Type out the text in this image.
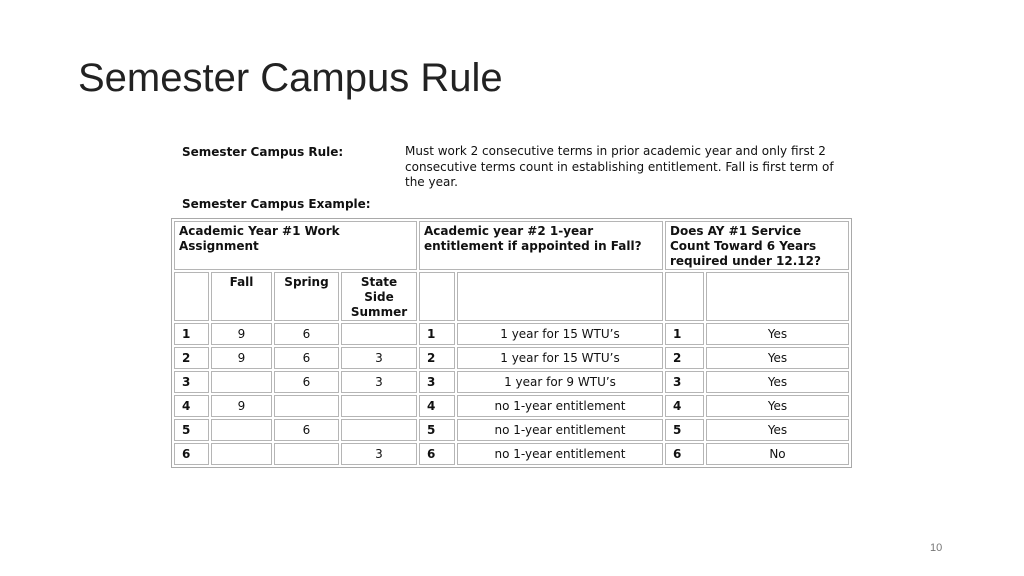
Semester Campus Rule
Semester Campus Rule:	Must work 2 consecutive terms in prior academic year and only first 2 consecutive terms count in establishing entitlement. Fall is first term of the year.
Semester Campus Example:
Academic Year #1 Work Assignment				Academic year #2 1-year entitlement if appointed in Fall?		Does AY #1 Service Count Toward 6 Years required under 12.12?	
	Fall	Spring	State Side Summer				
1	9	6		1	1 year for 15 WTU’s	1	Yes
2	9	6	3	2	1 year for 15 WTU’s	2	Yes
3		6	3	3	1 year for 9 WTU’s	3	Yes
4	9			4	no 1-year entitlement	4	Yes
5		6		5	no 1-year entitlement	5	Yes
6			3	6	no 1-year entitlement	6	No
10
